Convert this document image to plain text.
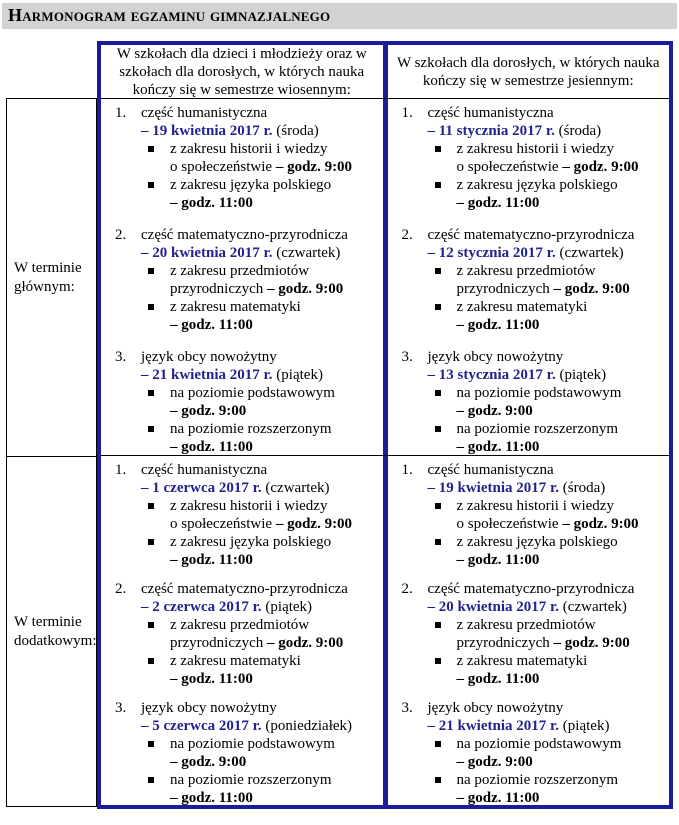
Harmonogram egzaminu gimnazjalnego
W terminie głównym:
W terminie dodatkowym:
W szkołach dla dzieci i młodzieży oraz w szkołach dla dorosłych, w których nauka kończy się w semestrze wiosennym:
W szkołach dla dorosłych, w których nauka kończy się w semestrze jesiennym:
1. część humanistyczna
– 19 kwietnia 2017 r. (środa)
z zakresu historii i wiedzy
o społeczeństwie – godz. 9:00
z zakresu języka polskiego
– godz. 11:00
2. część matematyczno-przyrodnicza
– 20 kwietnia 2017 r. (czwartek)
z zakresu przedmiotów
przyrodniczych – godz. 9:00
z zakresu matematyki
– godz. 11:00
3. język obcy nowożytny
– 21 kwietnia 2017 r. (piątek)
na poziomie podstawowym
– godz. 9:00
na poziomie rozszerzonym
– godz. 11:00
1. część humanistyczna
– 11 stycznia 2017 r. (środa)
z zakresu historii i wiedzy
o społeczeństwie – godz. 9:00
z zakresu języka polskiego
– godz. 11:00
2. część matematyczno-przyrodnicza
– 12 stycznia 2017 r. (czwartek)
z zakresu przedmiotów
przyrodniczych – godz. 9:00
z zakresu matematyki
– godz. 11:00
3. język obcy nowożytny
– 13 stycznia 2017 r. (piątek)
na poziomie podstawowym
– godz. 9:00
na poziomie rozszerzonym
– godz. 11:00
1. część humanistyczna
– 1 czerwca 2017 r. (czwartek)
z zakresu historii i wiedzy
o społeczeństwie – godz. 9:00
z zakresu języka polskiego
– godz. 11:00
2. część matematyczno-przyrodnicza
– 2 czerwca 2017 r. (piątek)
z zakresu przedmiotów
przyrodniczych – godz. 9:00
z zakresu matematyki
– godz. 11:00
3. język obcy nowożytny
– 5 czerwca 2017 r. (poniedziałek)
na poziomie podstawowym
– godz. 9:00
na poziomie rozszerzonym
– godz. 11:00
1. część humanistyczna
– 19 kwietnia 2017 r. (środa)
z zakresu historii i wiedzy
o społeczeństwie – godz. 9:00
z zakresu języka polskiego
– godz. 11:00
2. część matematyczno-przyrodnicza
– 20 kwietnia 2017 r. (czwartek)
z zakresu przedmiotów
przyrodniczych – godz. 9:00
z zakresu matematyki
– godz. 11:00
3. język obcy nowożytny
– 21 kwietnia 2017 r. (piątek)
na poziomie podstawowym
– godz. 9:00
na poziomie rozszerzonym
– godz. 11:00
